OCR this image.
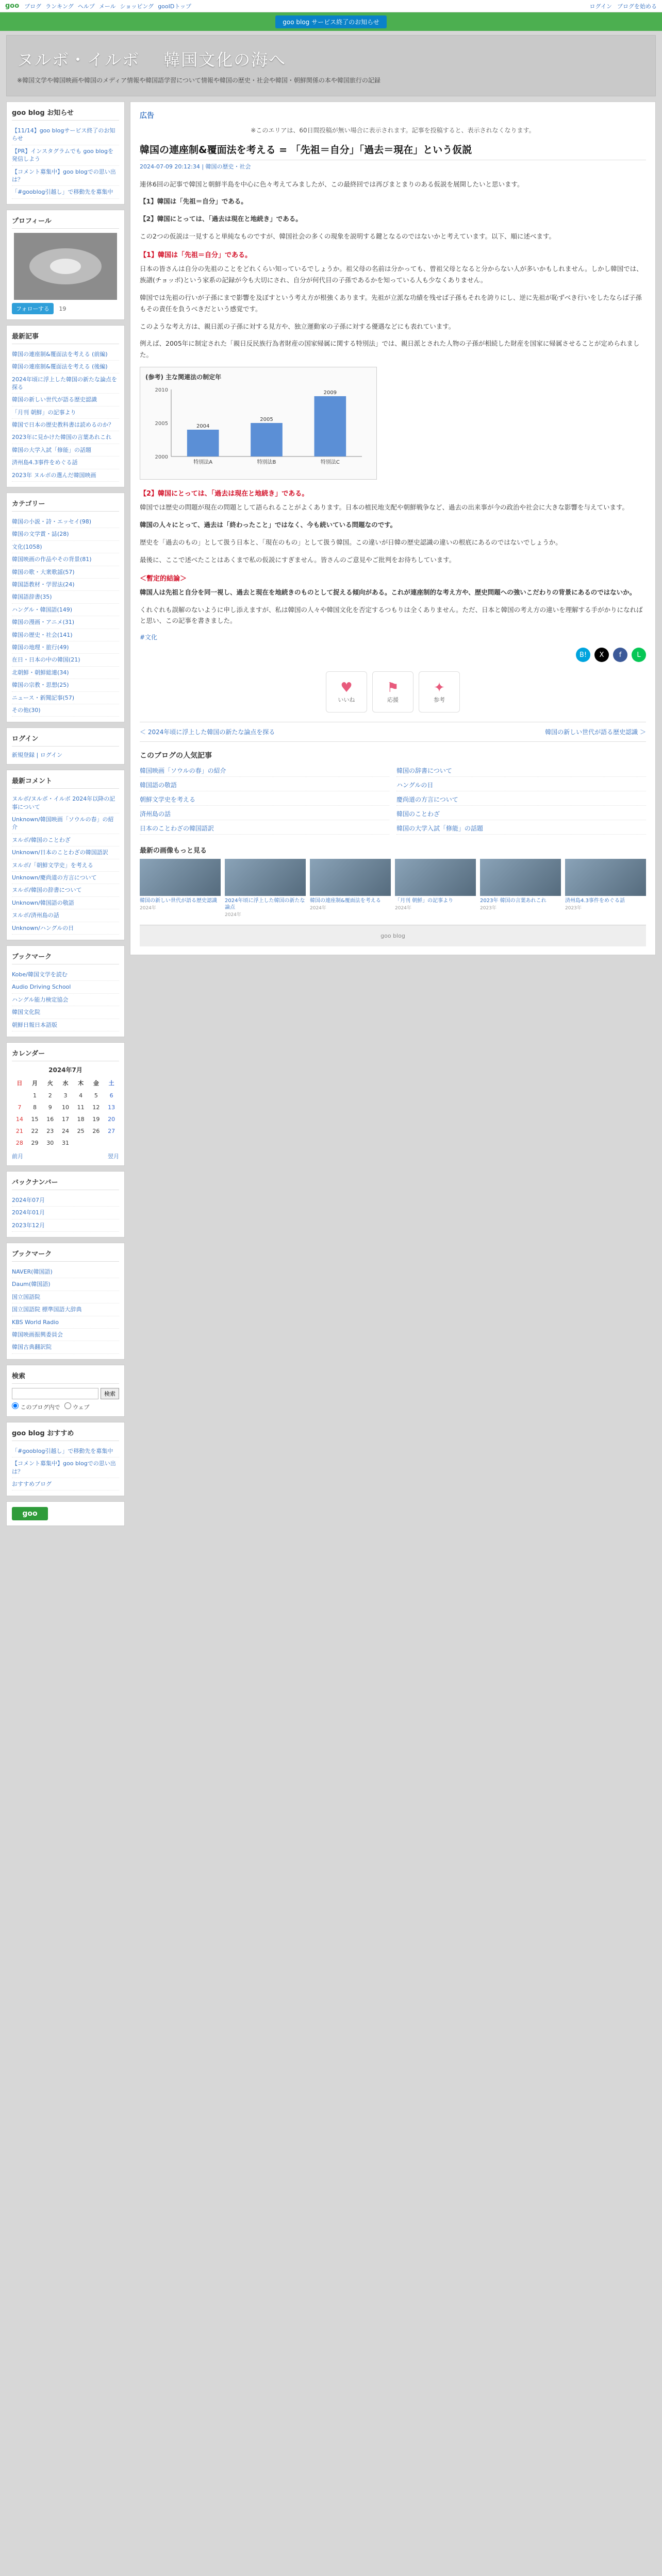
goo ブログ ランキング ヘルプ メール ショッピング gooIDトップ	ログイン ブログを始める
goo blog サービス終了のお知らせ
ヌルボ・イルボ 　韓国文化の海へ
※韓国文学や韓国映画や韓国のメディア情報や韓国語学習について情報や韓国の歴史・社会や韓国・朝鮮関係の本や韓国旅行の記録
goo blog お知らせ
【11/14】goo blogサービス終了のお知らせ
【PR】インスタグラムでも goo blogを発信しよう
【コメント募集中】goo blogでの思い出は？
「#gooblog引越し」で移動先を募集中
プロフィール
フォローする 19
最新記事
韓国の連座制&覆面法を考える (前編)
韓国の連座制&覆面法を考える (後編)
2024年頃に浮上した韓国の新たな論点を探る
韓国の新しい世代が語る歴史認識
「月刊 朝鮮」の記事より
韓国で日本の歴史教科書は読めるのか？
2023年に見かけた韓国の言葉あれこれ
韓国の大学入試「修能」の話題
済州島4.3事件をめぐる話
2023年 ヌルボの選んだ韓国映画
カテゴリー
韓国の小説・詩・エッセイ(98)
韓国の文学賞・誌(28)
文化(1058)
韓国映画の作品やその背景(81)
韓国の歌・大衆歌謡(57)
韓国語教材・学習法(24)
韓国語辞書(35)
ハングル・韓国語(149)
韓国の漫画・アニメ(31)
韓国の歴史・社会(141)
韓国の地理・旅行(49)
在日・日本の中の韓国(21)
北朝鮮・朝鮮総連(34)
韓国の宗教・思想(25)
ニュース・新聞記事(57)
その他(30)
ログイン
新規登録 | ログイン
最新コメント
ヌルボ/ヌルボ・イルボ 2024年以降の記事について
Unknown/韓国映画「ソウルの春」の紹介
ヌルボ/韓国のことわざ
Unknown/日本のことわざの韓国語訳
ヌルボ/「朝鮮文学史」を考える
Unknown/慶尚道の方言について
ヌルボ/韓国の辞書について
Unknown/韓国語の敬語
ヌルボ/済州島の話
Unknown/ハングルの日
ブックマーク
Kobe/韓国文学を読む
Audio Driving School
ハングル能力検定協会
韓国文化院
朝鮮日報日本語版
カレンダー
2024年7月
日	月	火	水	木	金	土
	1	2	3	4	5	6
7	8	9	10	11	12	13
14	15	16	17	18	19	20
21	22	23	24	25	26	27
28	29	30	31			
前月	翌月
バックナンバー
2024年07月
2024年01月
2023年12月
ブックマーク
NAVER(韓国語)
Daum(韓国語)
国立国語院
国立国語院 標準国語大辞典
KBS World Radio
韓国映画振興委員会
韓国古典翻訳院
検索
検索
このブログ内で	ウェブ
goo blog おすすめ
「#gooblog引越し」で移動先を募集中
【コメント募集中】goo blogでの思い出は？
おすすめブログ
goo
広告
※このエリアは、60日間投稿が無い場合に表示されます。記事を投稿すると、表示されなくなります。
韓国の連座制&覆面法を考える = 「先祖＝自分」「過去＝現在」という仮説
2024-07-09 20:12:34 | 韓国の歴史・社会

連休6回の記事で韓国と朝鮮半島を中心に色々考えてみましたが、この最終回では再びまとまりのある仮説を展開したいと思います。

【1】韓国は「先祖＝自分」である。

【2】韓国にとっては、「過去は現在と地続き」である。

この2つの仮説は一見すると単純なものですが、韓国社会の多くの現象を説明する鍵となるのではないかと考えています。以下、順に述べます。

【1】韓国は「先祖＝自分」である。

日本の皆さんは自分の先祖のことをどれくらい知っているでしょうか。祖父母の名前は分かっても、曾祖父母となると分からない人が多いかもしれません。しかし韓国では、族譜(チョッポ)という家系の記録が今も大切にされ、自分が何代目の子孫であるかを知っている人も少なくありません。

韓国では先祖の行いが子孫にまで影響を及ぼすという考え方が根強くあります。先祖が立派な功績を残せば子孫もそれを誇りにし、逆に先祖が恥ずべき行いをしたならば子孫もその責任を負うべきだという感覚です。

このような考え方は、親日派の子孫に対する見方や、独立運動家の子孫に対する優遇などにも表れています。

例えば、2005年に制定された「親日反民族行為者財産の国家帰属に関する特別法」では、親日派とされた人物の子孫が相続した財産を国家に帰属させることが定められました。

(参考) 主な関連法の制定年
2000
2005
2010
2004
特別法A
2005
特別法B
2009
特別法C
【2】韓国にとっては、「過去は現在と地続き」である。

韓国では歴史の問題が現在の問題として語られることがよくあります。日本の植民地支配や朝鮮戦争など、過去の出来事が今の政治や社会に大きな影響を与えています。

韓国の人々にとって、過去は「終わったこと」ではなく、今も続いている問題なのです。

歴史を「過去のもの」として扱う日本と、「現在のもの」として扱う韓国。この違いが日韓の歴史認識の違いの根底にあるのではないでしょうか。

最後に、ここで述べたことはあくまで私の仮説にすぎません。皆さんのご意見やご批判をお待ちしています。

＜暫定的結論＞

韓国人は先祖と自分を同一視し、過去と現在を地続きのものとして捉える傾向がある。これが連座制的な考え方や、歴史問題への強いこだわりの背景にあるのではないか。

くれぐれも誤解のないように申し添えますが、私は韓国の人々や韓国文化を否定するつもりは全くありません。ただ、日本と韓国の考え方の違いを理解する手がかりになればと思い、この記事を書きました。

#文化
B!	X	f	L
♥
いいね
⚑
応援
✦
参考
＜ 2024年頃に浮上した韓国の新たな論点を探る	韓国の新しい世代が語る歴史認識 ＞
このブログの人気記事
韓国映画「ソウルの春」の紹介	韓国の辞書について
韓国語の敬語	ハングルの日
朝鮮文学史を考える	慶尚道の方言について
済州島の話	韓国のことわざ
日本のことわざの韓国語訳	韓国の大学入試「修能」の話題
最新の画像もっと見る
韓国の新しい世代が語る歴史認識
2024年
2024年頃に浮上した韓国の新たな論点
2024年
韓国の連座制&覆面法を考える
2024年
「月刊 朝鮮」の記事より
2024年
2023年 韓国の言葉あれこれ
2023年
済州島4.3事件をめぐる話
2023年
goo blog
